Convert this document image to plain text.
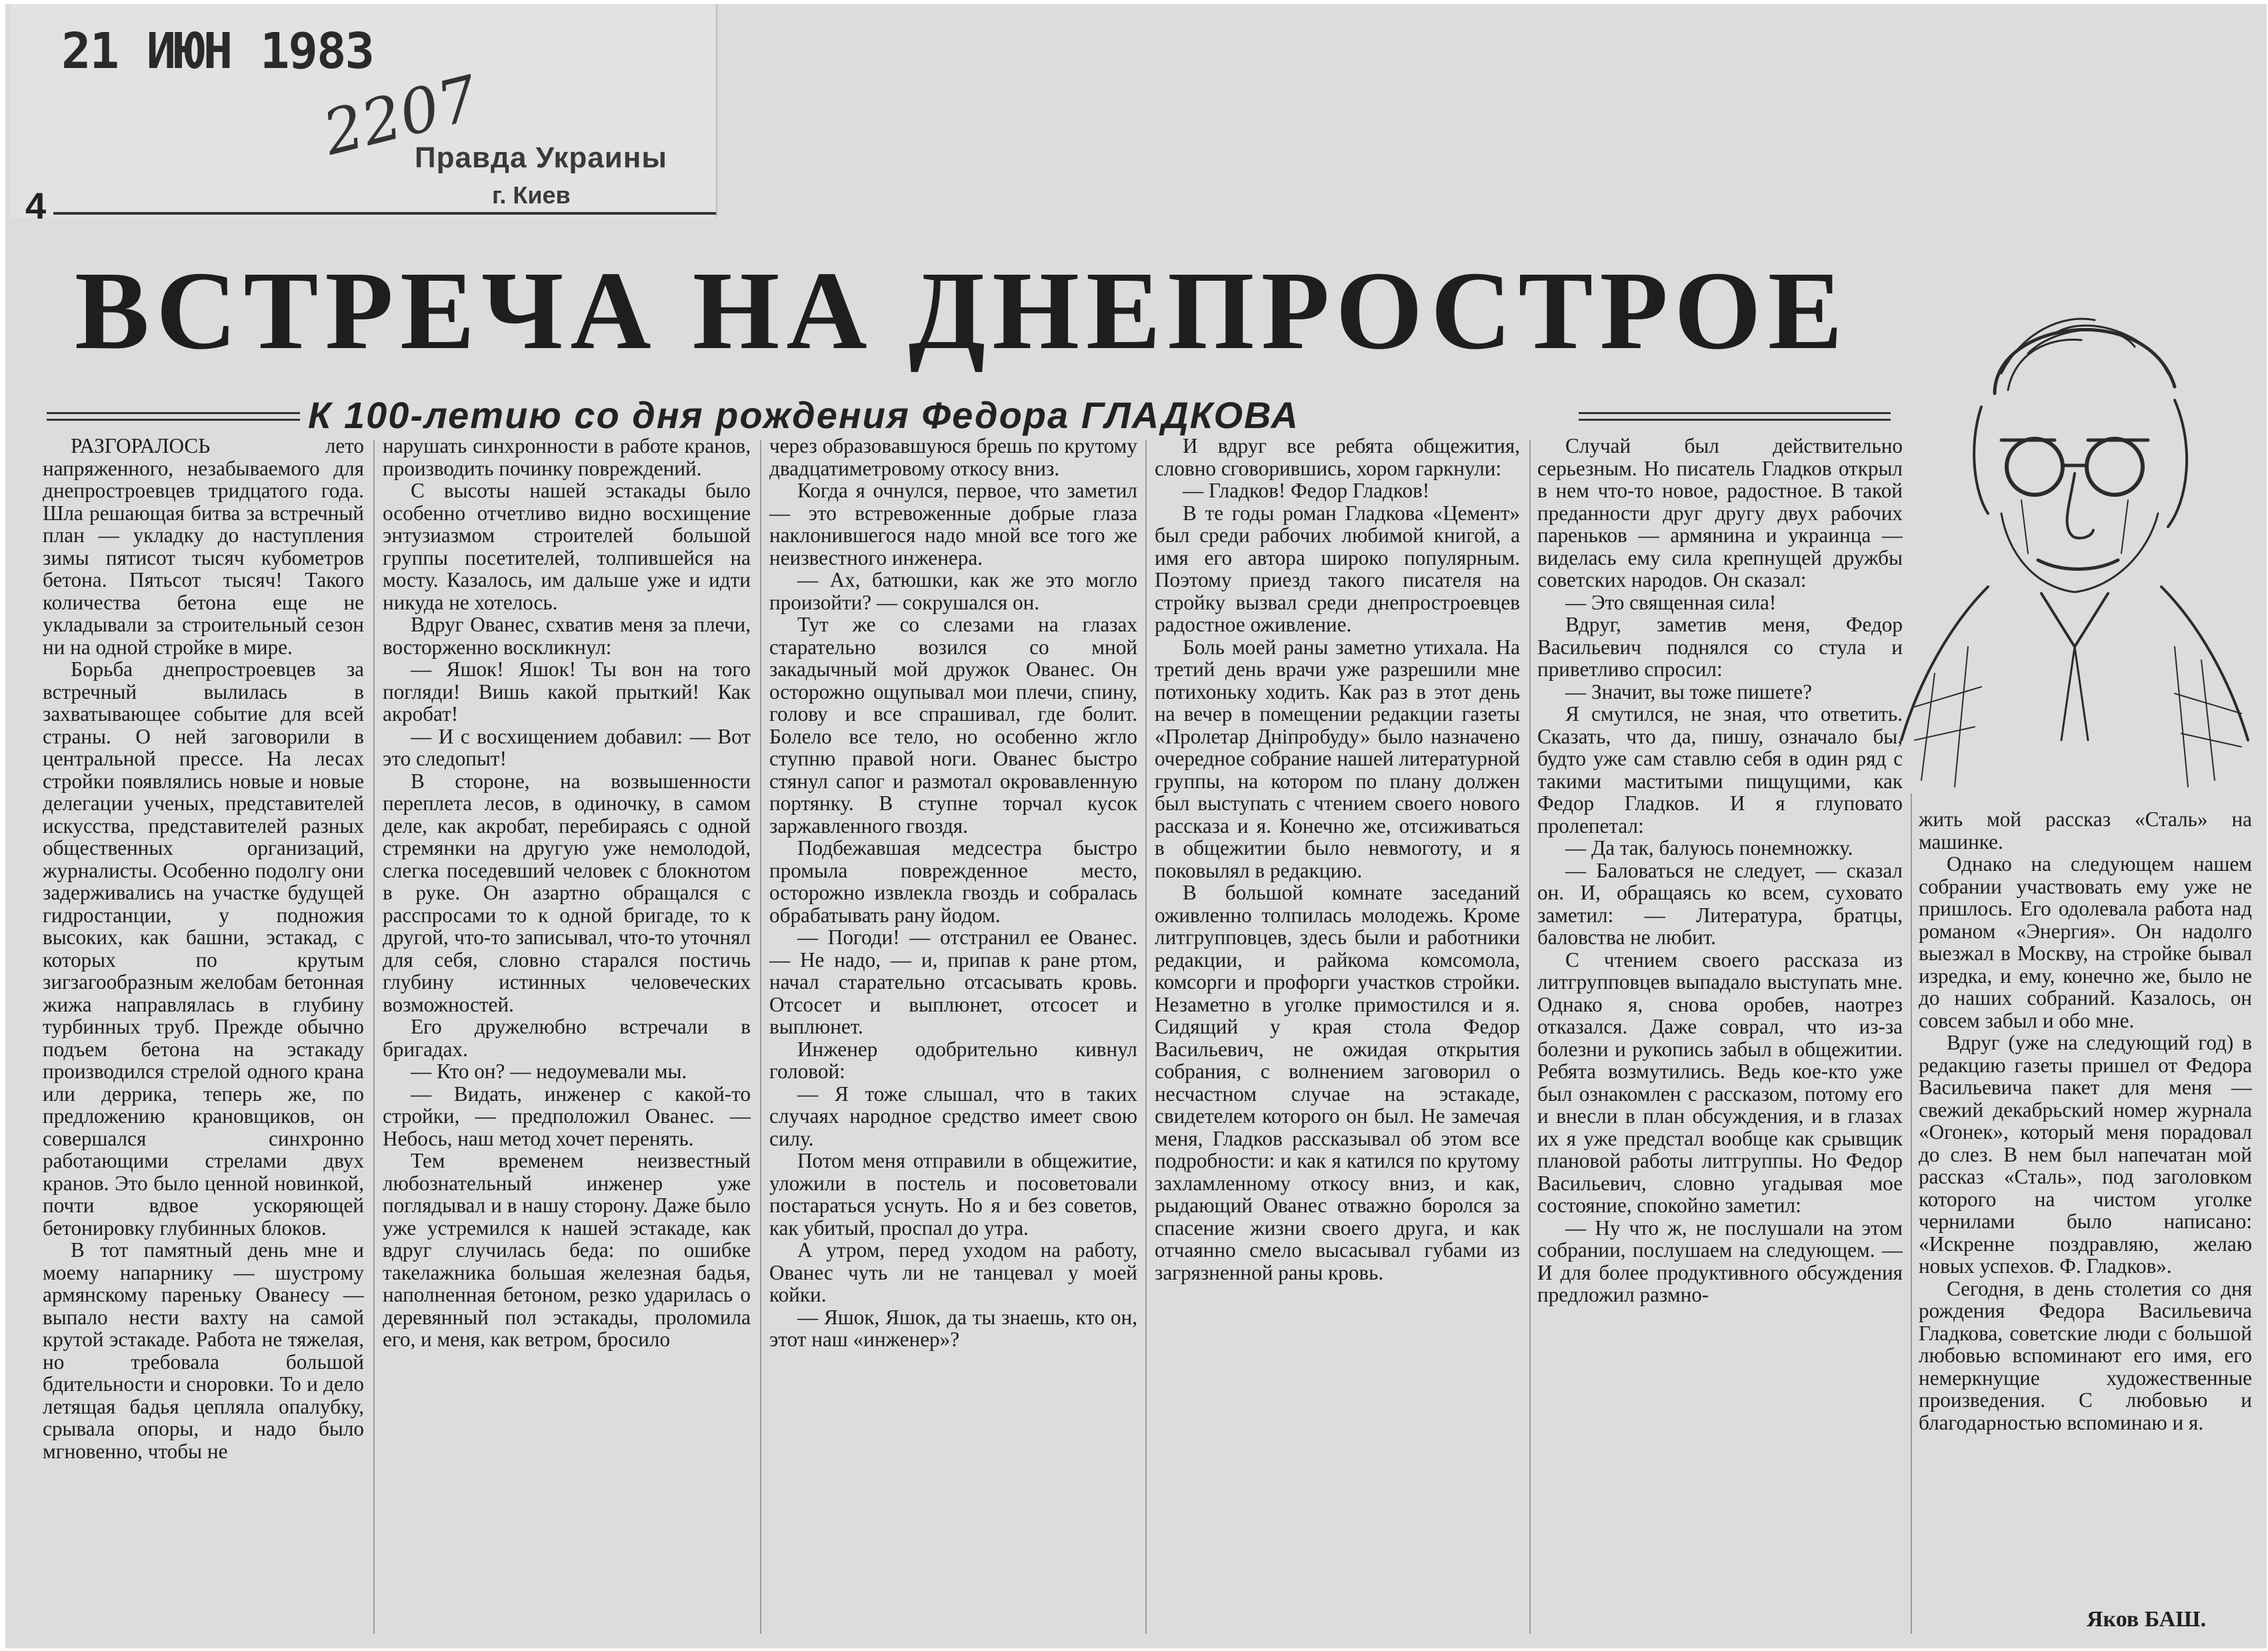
21 ИЮН 1983
2207
Правда Украины
г. Киев
4
ВСТРЕЧА НА ДНЕПРОСТРОЕ
К 100-летию со дня рождения Федора ГЛАДКОВА

РАЗГОРАЛОСЬ лето напряженного, незабываемого для днепростроевцев тридцатого года. Шла решающая битва за встречный план — укладку до наступления зимы пятисот тысяч кубометров бетона. Пятьсот тысяч! Такого количества бетона еще не укладывали за строительный сезон ни на одной стройке в мире.

Борьба днепростроевцев за встречный вылилась в захватывающее событие для всей страны. О ней заговорили в центральной прессе. На лесах стройки появлялись новые и новые делегации ученых, представителей искусства, представителей разных общественных организаций, журналисты. Особенно подолгу они задерживались на участке будущей гидростанции, у подножия высоких, как башни, эстакад, с которых по крутым зигзагообразным желобам бетонная жижа направлялась в глубину турбинных труб. Прежде обычно подъем бетона на эстакаду производился стрелой одного крана или деррика, теперь же, по предложению крановщиков, он совершался синхронно работающими стрелами двух кранов. Это было ценной новинкой, почти вдвое ускоряющей бетонировку глубинных блоков.

В тот памятный день мне и моему напарнику — шустрому армянскому пареньку Ованесу — выпало нести вахту на самой крутой эстакаде. Работа не тяжелая, но требовала большой бдительности и сноровки. То и дело летящая бадья цепляла опалубку, срывала опоры, и надо было мгновенно, чтобы не

нарушать синхронности в работе кранов, производить починку повреждений.

С высоты нашей эстакады было особенно отчетливо видно восхищение энтузиазмом строителей большой группы посетителей, толпившейся на мосту. Казалось, им дальше уже и идти никуда не хотелось.

Вдруг Ованес, схватив меня за плечи, восторженно воскликнул:

— Яшок! Яшок! Ты вон на того погляди! Вишь какой прыткий! Как акробат!

— И с восхищением добавил: — Вот это следопыт!

В стороне, на возвышенности переплета лесов, в одиночку, в самом деле, как акробат, перебираясь с одной стремянки на другую уже немолодой, слегка поседевший человек с блокнотом в руке. Он азартно обращался с расспросами то к одной бригаде, то к другой, что-то записывал, что-то уточнял для себя, словно старался постичь глубину истинных человеческих возможностей.

Его дружелюбно встречали в бригадах.

— Кто он? — недоумевали мы.

— Видать, инженер с какой-то стройки, — предположил Ованес. — Небось, наш метод хочет перенять.

Тем временем неизвестный любознательный инженер уже поглядывал и в нашу сторону. Даже было уже устремился к нашей эстакаде, как вдруг случилась беда: по ошибке такелажника большая железная бадья, наполненная бетоном, резко ударилась о деревянный пол эстакады, проломила его, и меня, как ветром, бросило

через образовавшуюся брешь по крутому двадцатиметровому откосу вниз.

Когда я очнулся, первое, что заметил — это встревоженные добрые глаза наклонившегося надо мной все того же неизвестного инженера.

— Ах, батюшки, как же это могло произойти? — сокрушался он.

Тут же со слезами на глазах старательно возился со мной закадычный мой дружок Ованес. Он осторожно ощупывал мои плечи, спину, голову и все спрашивал, где болит. Болело все тело, но особенно жгло ступню правой ноги. Ованес быстро стянул сапог и размотал окровавленную портянку. В ступне торчал кусок заржавленного гвоздя.

Подбежавшая медсестра быстро промыла поврежденное место, осторожно извлекла гвоздь и собралась обрабатывать рану йодом.

— Погоди! — отстранил ее Ованес. — Не надо, — и, припав к ране ртом, начал старательно отсасывать кровь. Отсосет и выплюнет, отсосет и выплюнет.

Инженер одобрительно кивнул головой:

— Я тоже слышал, что в таких случаях народное средство имеет свою силу.

Потом меня отправили в общежитие, уложили в постель и посоветовали постараться уснуть. Но я и без советов, как убитый, проспал до утра.

А утром, перед уходом на работу, Ованес чуть ли не танцевал у моей койки.

— Яшок, Яшок, да ты знаешь, кто он, этот наш «инженер»?

И вдруг все ребята общежития, словно сговорившись, хором гаркнули:

— Гладков! Федор Гладков!

В те годы роман Гладкова «Цемент» был среди рабочих любимой книгой, а имя его автора широко популярным. Поэтому приезд такого писателя на стройку вызвал среди днепростроевцев радостное оживление.

Боль моей раны заметно утихала. На третий день врачи уже разрешили мне потихоньку ходить. Как раз в этот день на вечер в помещении редакции газеты «Пролетар Дніпробуду» было назначено очередное собрание нашей литературной группы, на котором по плану должен был выступать с чтением своего нового рассказа и я. Конечно же, отсиживаться в общежитии было невмоготу, и я поковылял в редакцию.

В большой комнате заседаний оживленно толпилась молодежь. Кроме литгрупповцев, здесь были и работники редакции, и райкома комсомола, комсорги и профорги участков стройки. Незаметно в уголке примостился и я. Сидящий у края стола Федор Васильевич, не ожидая открытия собрания, с волнением заговорил о несчастном случае на эстакаде, свидетелем которого он был. Не замечая меня, Гладков рассказывал об этом все подробности: и как я катился по крутому захламленному откосу вниз, и как, рыдающий Ованес отважно боролся за спасение жизни своего друга, и как отчаянно смело высасывал губами из загрязненной раны кровь.

Случай был действительно серьезным. Но писатель Гладков открыл в нем что-то новое, радостное. В такой преданности друг другу двух рабочих пареньков — армянина и украинца — виделась ему сила крепнущей дружбы советских народов. Он сказал:

— Это священная сила!

Вдруг, заметив меня, Федор Васильевич поднялся со стула и приветливо спросил:

— Значит, вы тоже пишете?

Я смутился, не зная, что ответить. Сказать, что да, пишу, означало бы, будто уже сам ставлю себя в один ряд с такими маститыми пищущими, как Федор Гладков. И я глуповато пролепетал:

— Да так, балуюсь понемножку.

— Баловаться не следует, — сказал он. И, обращаясь ко всем, суховато заметил: — Литература, братцы, баловства не любит.

С чтением своего рассказа из литгрупповцев выпадало выступать мне. Однако я, снова оробев, наотрез отказался. Даже соврал, что из-за болезни и рукопись забыл в общежитии. Ребята возмутились. Ведь кое-кто уже был ознакомлен с рассказом, потому его и внесли в план обсуждения, и в глазах их я уже предстал вообще как срывщик плановой работы литгруппы. Но Федор Васильевич, словно угадывая мое состояние, спокойно заметил:

— Ну что ж, не послушали на этом собрании, послушаем на следующем. — И для более продуктивного обсуждения предложил размно-

жить мой рассказ «Сталь» на машинке.

Однако на следующем нашем собрании участвовать ему уже не пришлось. Его одолевала работа над романом «Энергия». Он надолго выезжал в Москву, на стройке бывал изредка, и ему, конечно же, было не до наших собраний. Казалось, он совсем забыл и обо мне.

Вдруг (уже на следующий год) в редакцию газеты пришел от Федора Васильевича пакет для меня — свежий декабрьский номер журнала «Огонек», который меня порадовал до слез. В нем был напечатан мой рассказ «Сталь», под заголовком которого на чистом уголке чернилами было написано: «Искренне поздравляю, желаю новых успехов. Ф. Гладков».

Сегодня, в день столетия со дня рождения Федора Васильевича Гладкова, советские люди с большой любовью вспоминают его имя, его немеркнущие художественные произведения. С любовью и благодарностью вспоминаю и я.

Яков БАШ.
